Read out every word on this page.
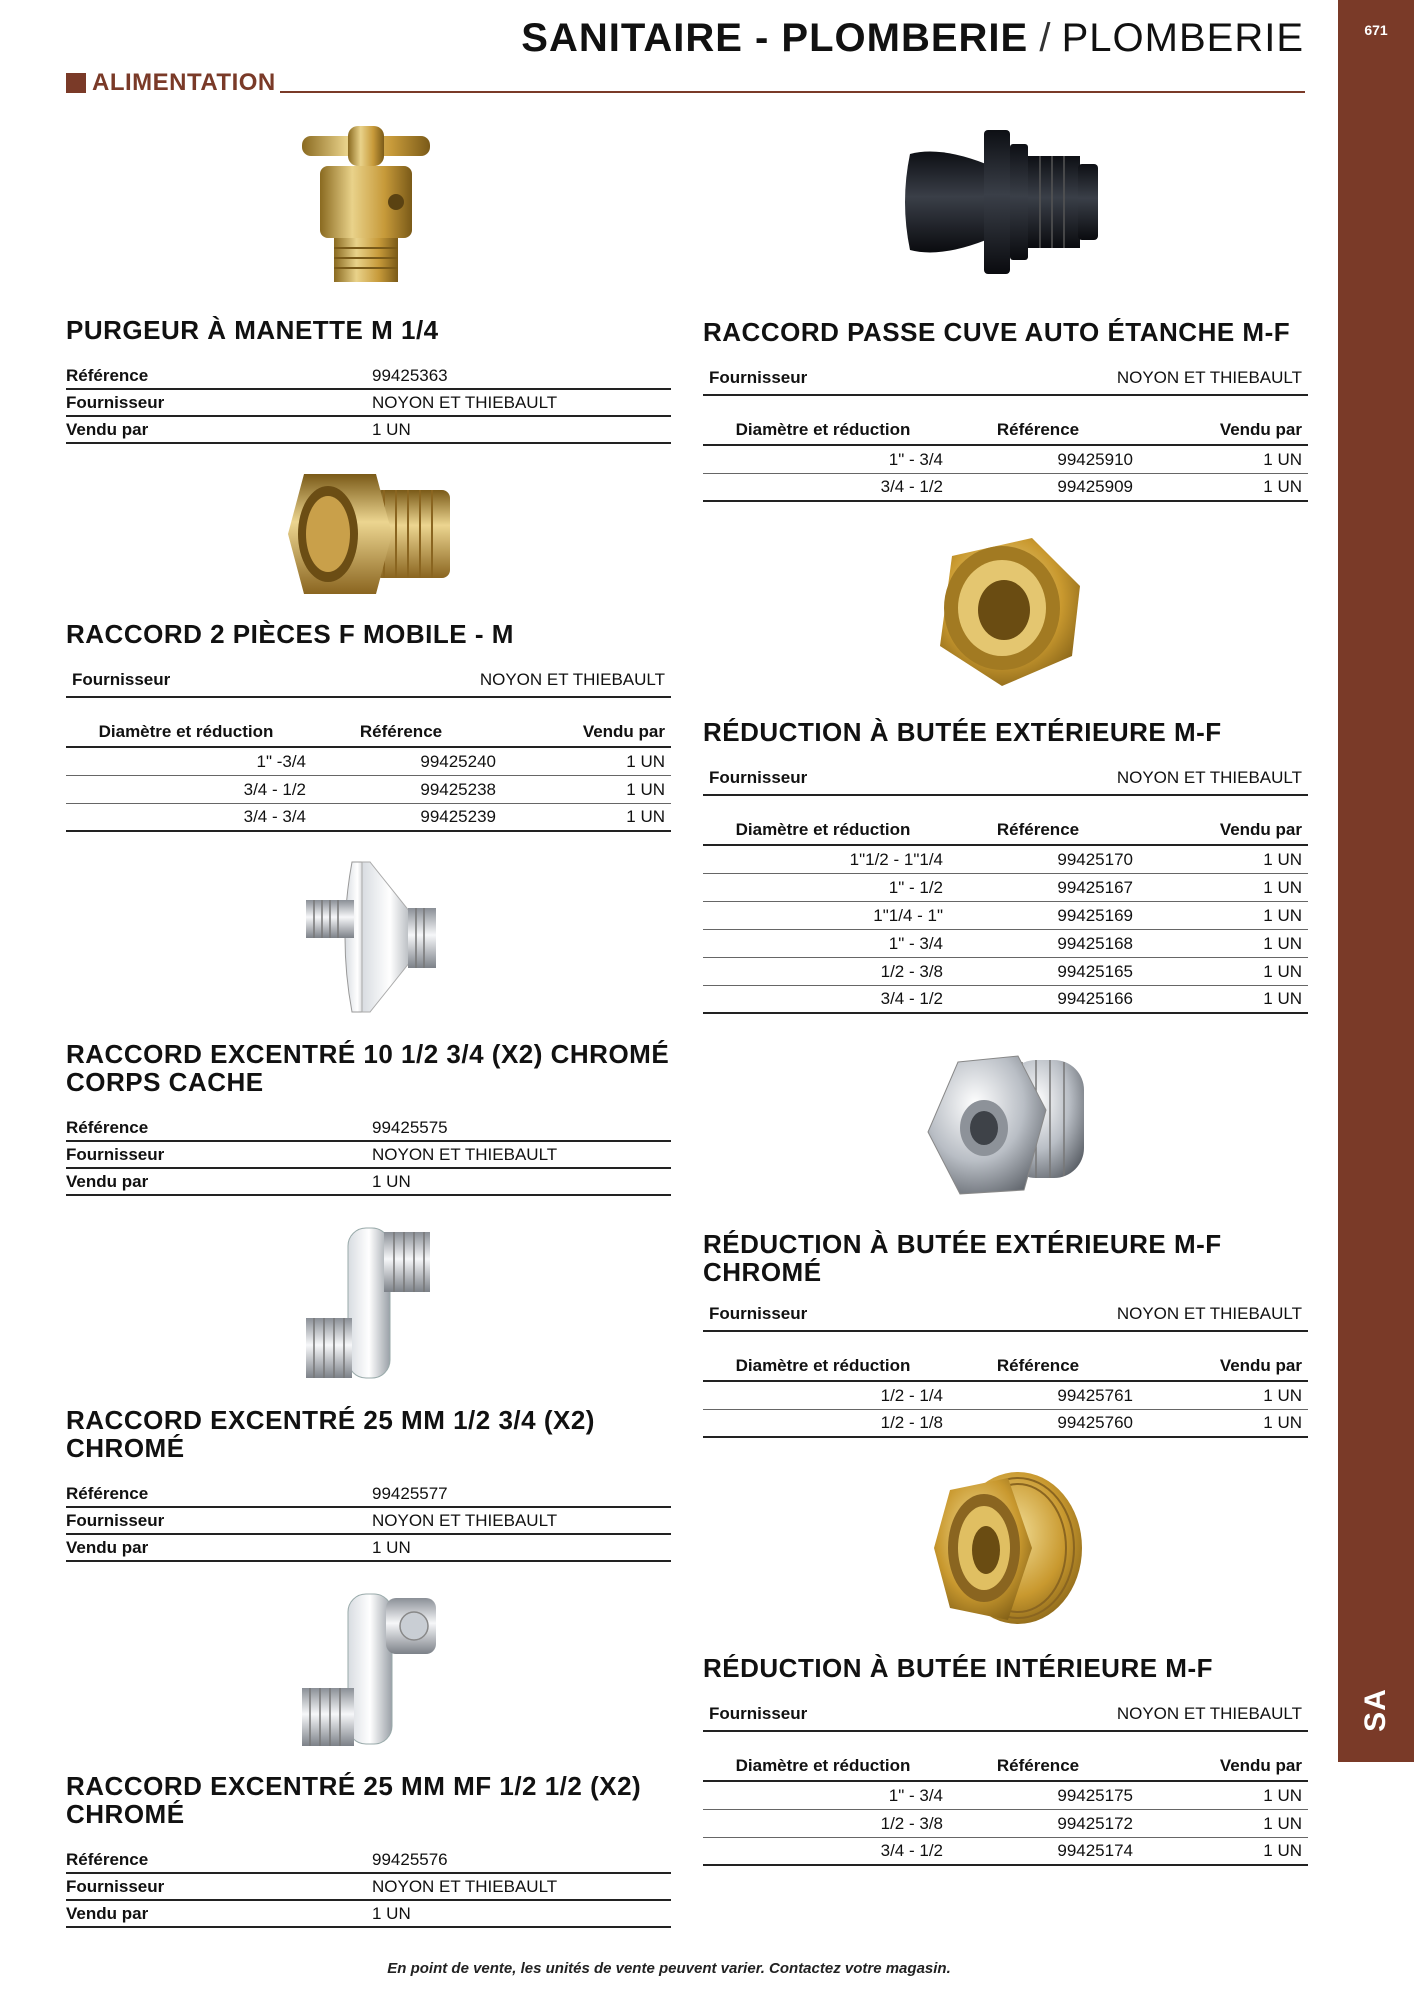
671
SA
SANITAIRE - PLOMBERIE / PLOMBERIE
ALIMENTATION
PURGEUR À MANETTE M 1/4
Référence	99425363
Fournisseur	NOYON ET THIEBAULT
Vendu par	1 UN
RACCORD 2 PIÈCES F MOBILE - M
Fournisseur	NOYON ET THIEBAULT
Diamètre et réduction	Référence	Vendu par
1" -3/4	99425240	1 UN
3/4 - 1/2	99425238	1 UN
3/4 - 3/4	99425239	1 UN
RACCORD EXCENTRÉ 10 1/2 3/4 (X2) CHROMÉ
CORPS CACHE
Référence	99425575
Fournisseur	NOYON ET THIEBAULT
Vendu par	1 UN
RACCORD EXCENTRÉ 25 MM 1/2 3/4 (X2)
CHROMÉ
Référence	99425577
Fournisseur	NOYON ET THIEBAULT
Vendu par	1 UN
RACCORD EXCENTRÉ 25 MM MF 1/2 1/2 (X2)
CHROMÉ
Référence	99425576
Fournisseur	NOYON ET THIEBAULT
Vendu par	1 UN
RACCORD PASSE CUVE AUTO ÉTANCHE M-F
Fournisseur	NOYON ET THIEBAULT
Diamètre et réduction	Référence	Vendu par
1" - 3/4	99425910	1 UN
3/4 - 1/2	99425909	1 UN
RÉDUCTION À BUTÉE EXTÉRIEURE M-F
Fournisseur	NOYON ET THIEBAULT
Diamètre et réduction	Référence	Vendu par
1"1/2 - 1"1/4	99425170	1 UN
1" - 1/2	99425167	1 UN
1"1/4 - 1"	99425169	1 UN
1" - 3/4	99425168	1 UN
1/2 - 3/8	99425165	1 UN
3/4 - 1/2	99425166	1 UN
RÉDUCTION À BUTÉE EXTÉRIEURE M-F
CHROMÉ
Fournisseur	NOYON ET THIEBAULT
Diamètre et réduction	Référence	Vendu par
1/2 - 1/4	99425761	1 UN
1/2 - 1/8	99425760	1 UN
RÉDUCTION À BUTÉE INTÉRIEURE M-F
Fournisseur	NOYON ET THIEBAULT
Diamètre et réduction	Référence	Vendu par
1" - 3/4	99425175	1 UN
1/2 - 3/8	99425172	1 UN
3/4 - 1/2	99425174	1 UN
En point de vente, les unités de vente peuvent varier. Contactez votre magasin.
